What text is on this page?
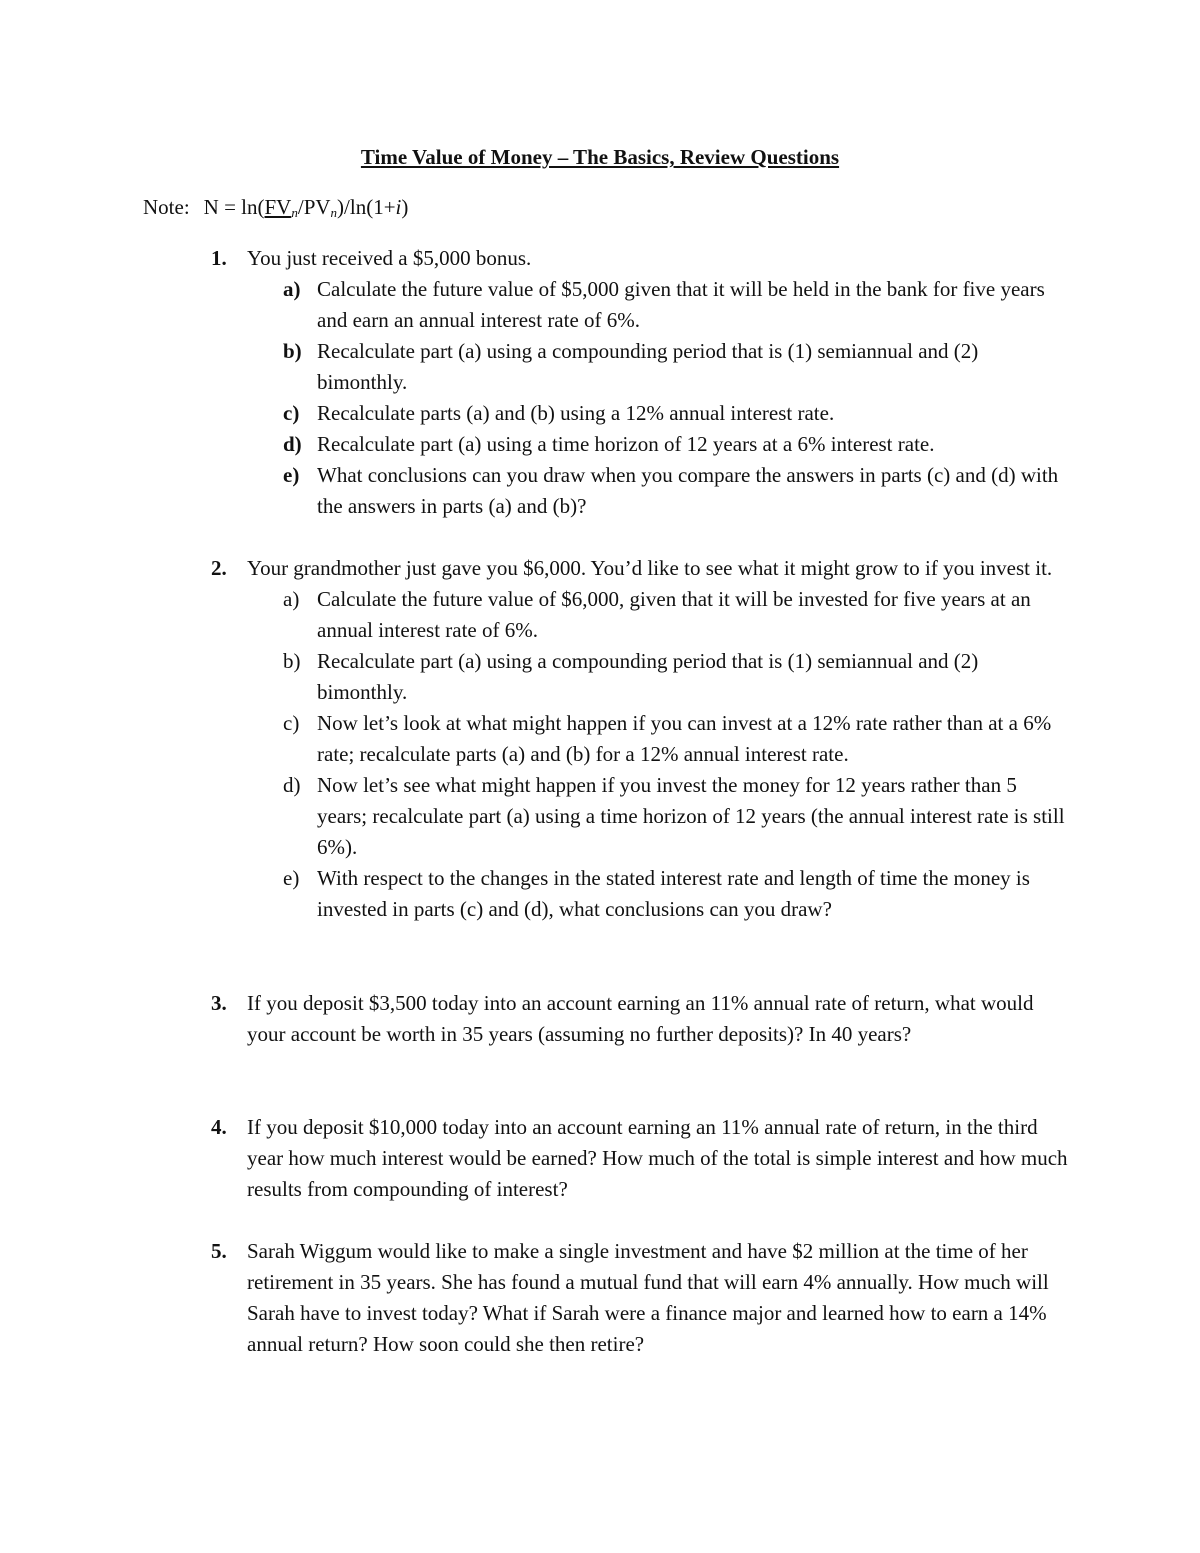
Time Value of Money – The Basics, Review Questions
Note: $N = \ln(FV_n/PV_n)/\ln(1+i)$
1. You just received a $5,000 bonus.
a) Calculate the future value of $5,000 given that it will be held in the bank for five years and earn an annual interest rate of 6%.
b) Recalculate part (a) using a compounding period that is (1) semiannual and (2) bimonthly.
c) Recalculate parts (a) and (b) using a 12% annual interest rate.
d) Recalculate part (a) using a time horizon of 12 years at a 6% interest rate.
e) What conclusions can you draw when you compare the answers in parts (c) and (d) with the answers in parts (a) and (b)?
2. Your grandmother just gave you $6,000. You’d like to see what it might grow to if you invest it.
a) Calculate the future value of $6,000, given that it will be invested for five years at an annual interest rate of 6%.
b) Recalculate part (a) using a compounding period that is (1) semiannual and (2) bimonthly.
c) Now let’s look at what might happen if you can invest at a 12% rate rather than at a 6% rate; recalculate parts (a) and (b) for a 12% annual interest rate.
d) Now let’s see what might happen if you invest the money for 12 years rather than 5 years; recalculate part (a) using a time horizon of 12 years (the annual interest rate is still 6%).
e) With respect to the changes in the stated interest rate and length of time the money is invested in parts (c) and (d), what conclusions can you draw?
3. If you deposit $3,500 today into an account earning an 11% annual rate of return, what would your account be worth in 35 years (assuming no further deposits)? In 40 years?
4. If you deposit $10,000 today into an account earning an 11% annual rate of return, in the third year how much interest would be earned? How much of the total is simple interest and how much results from compounding of interest?
5. Sarah Wiggum would like to make a single investment and have $2 million at the time of her retirement in 35 years. She has found a mutual fund that will earn 4% annually. How much will Sarah have to invest today? What if Sarah were a finance major and learned how to earn a 14% annual return? How soon could she then retire?
